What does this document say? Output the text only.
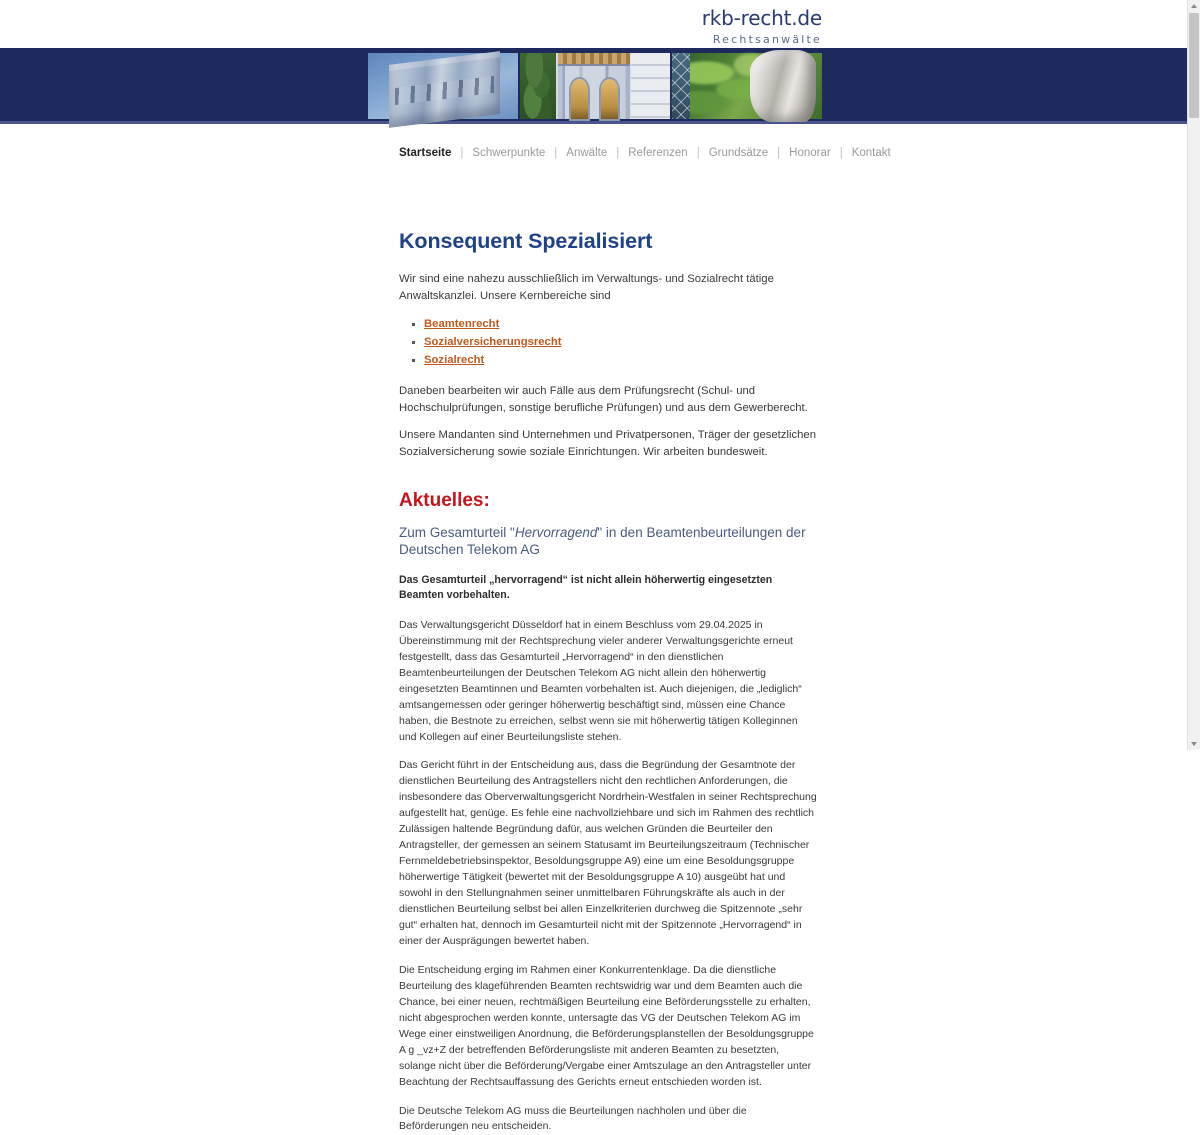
rkb-recht.de
Rechtsanwälte
Startseite | Schwerpunkte | Anwälte | Referenzen | Grundsätze | Honorar | Kontakt
Konsequent Spezialisiert

Wir sind eine nahezu ausschließlich im Verwaltungs- und Sozialrecht tätige Anwaltskanzlei. Unsere Kernbereiche sind

Beamtenrecht
Sozialversicherungsrecht
Sozialrecht

Daneben bearbeiten wir auch Fälle aus dem Prüfungsrecht (Schul- und Hochschulprüfungen, sonstige berufliche Prüfungen) und aus dem Gewerberecht.

Unsere Mandanten sind Unternehmen und Privatpersonen, Träger der gesetzlichen Sozialversicherung sowie soziale Einrichtungen. Wir arbeiten bundesweit.

Aktuelles:
Zum Gesamturteil "Hervorragend" in den Beamtenbeurteilungen der Deutschen Telekom AG

Das Gesamturteil „hervorragend“ ist nicht allein höherwertig eingesetzten Beamten vorbehalten.

Das Verwaltungsgericht Düsseldorf hat in einem Beschluss vom 29.04.2025 in Übereinstimmung mit der Rechtsprechung vieler anderer Verwaltungsgerichte erneut festgestellt, dass das Gesamturteil „Hervorragend“ in den dienstlichen Beamtenbeurteilungen der Deutschen Telekom AG nicht allein den höherwertig eingesetzten Beamtinnen und Beamten vorbehalten ist. Auch diejenigen, die „lediglich“ amtsangemessen oder geringer höherwertig beschäftigt sind, müssen eine Chance haben, die Bestnote zu erreichen, selbst wenn sie mit höherwertig tätigen Kolleginnen und Kollegen auf einer Beurteilungsliste stehen.

Das Gericht führt in der Entscheidung aus, dass die Begründung der Gesamtnote der dienstlichen Beurteilung des Antragstellers nicht den rechtlichen Anforderungen, die insbesondere das Oberverwaltungsgericht Nordrhein-Westfalen in seiner Rechtsprechung aufgestellt hat, genüge. Es fehle eine nachvollziehbare und sich im Rahmen des rechtlich Zulässigen haltende Begründung dafür, aus welchen Gründen die Beurteiler den Antragsteller, der gemessen an seinem Statusamt im Beurteilungszeitraum (Technischer Fernmeldebetriebsinspektor, Besoldungsgruppe A9) eine um eine Besoldungsgruppe höherwertige Tätigkeit (bewertet mit der Besoldungsgruppe A 10) ausgeübt hat und sowohl in den Stellungnahmen seiner unmittelbaren Führungskräfte als auch in der dienstlichen Beurteilung selbst bei allen Einzelkriterien durchweg die Spitzennote „sehr gut“ erhalten hat, dennoch im Gesamturteil nicht mit der Spitzennote „Hervorragend“ in einer der Ausprägungen bewertet haben.

Die Entscheidung erging im Rahmen einer Konkurrentenklage. Da die dienstliche Beurteilung des klageführenden Beamten rechtswidrig war und dem Beamten auch die Chance, bei einer neuen, rechtmäßigen Beurteilung eine Beförderungsstelle zu erhalten, nicht abgesprochen werden konnte, untersagte das VG der Deutschen Telekom AG im Wege einer einstweiligen Anordnung, die Beförderungsplanstellen der Besoldungsgruppe A g _vz+Z der betreffenden Beförderungsliste mit anderen Beamten zu besetzten, solange nicht über die Beförderung/Vergabe einer Amtszulage an den Antragsteller unter Beachtung der Rechtsauffassung des Gerichts erneut entschieden worden ist.

Die Deutsche Telekom AG muss die Beurteilungen nachholen und über die Beförderungen neu entscheiden.
